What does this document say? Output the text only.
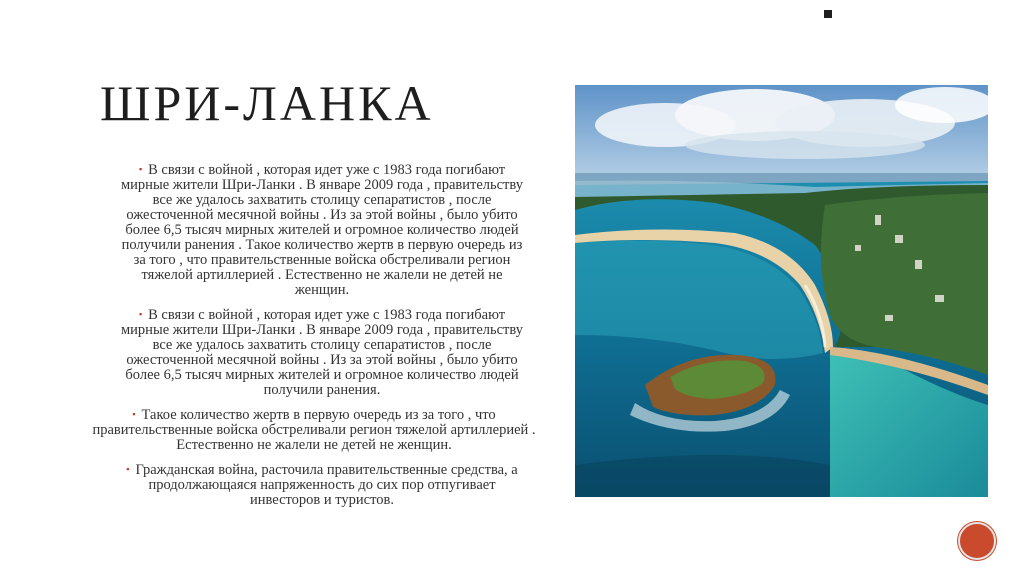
ШРИ-ЛАНКА

▪ В связи с войной , которая идет уже с 1983 года погибают мирные жители Шри-Ланки . В январе 2009 года , правительству все же удалось захватить столицу сепаратистов , после ожесточенной месячной войны . Из за этой войны , было убито более 6,5 тысяч мирных жителей и огромное количество людей получили ранения . Такое количество жертв в первую очередь из за того , что правительственные войска обстреливали регион тяжелой артиллерией . Естественно не жалели не детей не женщин.

▪ В связи с войной , которая идет уже с 1983 года погибают мирные жители Шри-Ланки . В январе 2009 года , правительству все же удалось захватить столицу сепаратистов , после ожесточенной месячной войны . Из за этой войны , было убито более 6,5 тысяч мирных жителей и огромное количество людей получили ранения.

▪ Такое количество жертв в первую очередь из за того , что правительственные войска обстреливали регион тяжелой артиллерией . Естественно не жалели не детей не женщин.

▪ Гражданская война, расточила правительственные средства, а продолжающаяся напряженность до сих пор отпугивает инвесторов и туристов.
